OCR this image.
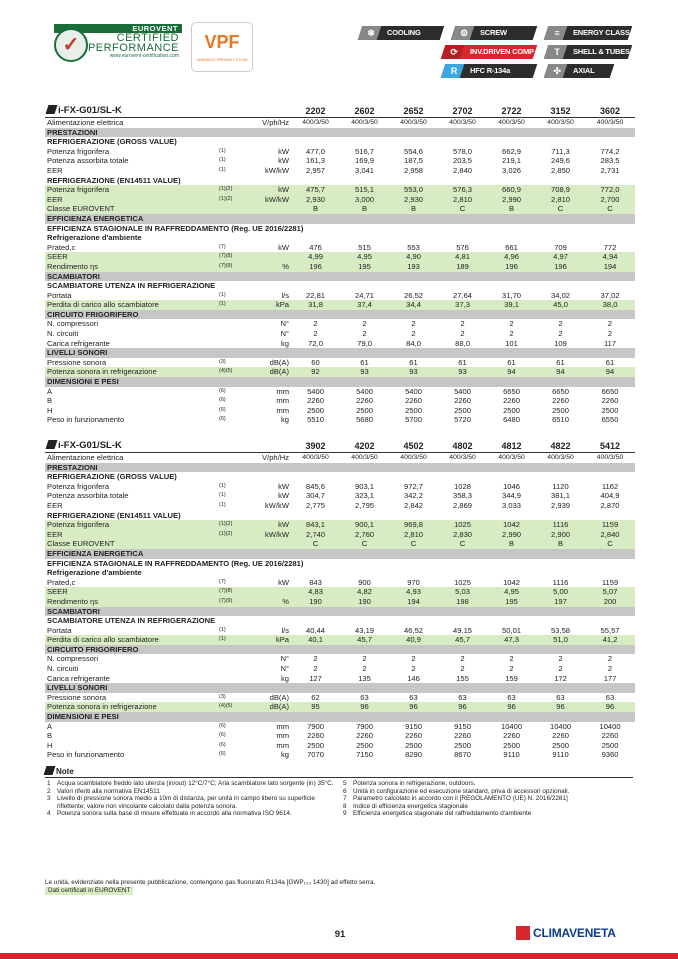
✓
EUROVENT
CERTIFIED
PERFORMANCE
www.eurovent-certification.com
VPF
VARIABLE PRIMARY FLOW
❄	COOLING	⚙	SCREW	≡	ENERGY CLASS
⟳	INV.DRIVEN COMP	T	SHELL & TUBES
R	HFC R-134a	✣	AXIAL
i-FX-G01/SL-K			2202	2602	2652	2702	2722	3152	3602
Alimentazione elettrica		V/ph/Hz	400/3/50	400/3/50	400/3/50	400/3/50	400/3/50	400/3/50	400/3/50
PRESTAZIONI									
REFRIGERAZIONE (GROSS VALUE)									
Potenza frigorifera	(1)	kW	477,0	516,7	554,6	578,0	662,9	711,3	774,2
Potenza assorbita totale	(1)	kW	161,3	169,9	187,5	203,5	219,1	249,6	283,5
EER	(1)	kW/kW	2,957	3,041	2,958	2,840	3,026	2,850	2,731
REFRIGERAZIONE (EN14511 VALUE)									
Potenza frigorifera	(1)(2)	kW	475,7	515,1	553,0	576,3	660,9	708,9	772,0
EER	(1)(2)	kW/kW	2,930	3,000	2,930	2,810	2,990	2,810	2,700
Classe EUROVENT			B	B	B	C	B	C	C
EFFICIENZA ENERGETICA									
EFFICIENZA STAGIONALE IN RAFFREDDAMENTO (Reg. UE 2016/2281)									
Refrigerazione d'ambiente									
Prated,c	(7)	kW	476	515	553	576	661	709	772
SEER	(7)(8)		4,99	4,95	4,90	4,81	4,96	4,97	4,94
Rendimento ηs	(7)(9)	%	196	195	193	189	196	196	194
SCAMBIATORI									
SCAMBIATORE UTENZA IN REFRIGERAZIONE									
Portata	(1)	l/s	22,81	24,71	26,52	27,64	31,70	34,02	37,02
Perdita di carico allo scambiatore	(1)	kPa	31,8	37,4	34,4	37,3	39,1	45,0	38,0
CIRCUITO FRIGORIFERO									
N. compressori		N°	2	2	2	2	2	2	2
N. circuiti		N°	2	2	2	2	2	2	2
Carica refrigerante		kg	72,0	79,0	84,0	88,0	101	109	117
LIVELLI SONORI									
Pressione sonora	(3)	dB(A)	60	61	61	61	61	61	61
Potenza sonora in refrigerazione	(4)(5)	dB(A)	92	93	93	93	94	94	94
DIMENSIONI E PESI									
A	(6)	mm	5400	5400	5400	5400	6650	6650	6650
B	(6)	mm	2260	2260	2260	2260	2260	2260	2260
H	(6)	mm	2500	2500	2500	2500	2500	2500	2500
Peso in funzionamento	(6)	kg	5510	5680	5700	5720	6480	6510	6550
i-FX-G01/SL-K			3902	4202	4502	4802	4812	4822	5412
Alimentazione elettrica		V/ph/Hz	400/3/50	400/3/50	400/3/50	400/3/50	400/3/50	400/3/50	400/3/50
PRESTAZIONI									
REFRIGERAZIONE (GROSS VALUE)									
Potenza frigorifera	(1)	kW	845,6	903,1	972,7	1028	1046	1120	1162
Potenza assorbita totale	(1)	kW	304,7	323,1	342,2	358,3	344,9	381,1	404,9
EER	(1)	kW/kW	2,775	2,795	2,842	2,869	3,033	2,939	2,870
REFRIGERAZIONE (EN14511 VALUE)									
Potenza frigorifera	(1)(2)	kW	843,1	900,1	969,8	1025	1042	1116	1159
EER	(1)(2)	kW/kW	2,740	2,760	2,810	2,830	2,990	2,900	2,840
Classe EUROVENT			C	C	C	C	B	B	C
EFFICIENZA ENERGETICA									
EFFICIENZA STAGIONALE IN RAFFREDDAMENTO (Reg. UE 2016/2281)									
Refrigerazione d'ambiente									
Prated,c	(7)	kW	843	900	970	1025	1042	1116	1159
SEER	(7)(8)		4,83	4,82	4,93	5,03	4,95	5,00	5,07
Rendimento ηs	(7)(9)	%	190	190	194	198	195	197	200
SCAMBIATORI									
SCAMBIATORE UTENZA IN REFRIGERAZIONE									
Portata	(1)	l/s	40,44	43,19	46,52	49,15	50,01	53,58	55,57
Perdita di carico allo scambiatore	(1)	kPa	40,1	45,7	40,9	45,7	47,3	51,0	41,2
CIRCUITO FRIGORIFERO									
N. compressori		N°	2	2	2	2	2	2	2
N. circuiti		N°	2	2	2	2	2	2	2
Carica refrigerante		kg	127	135	146	155	159	172	177
LIVELLI SONORI									
Pressione sonora	(3)	dB(A)	62	63	63	63	63	63	63
Potenza sonora in refrigerazione	(4)(5)	dB(A)	95	96	96	96	96	96	96
DIMENSIONI E PESI									
A	(6)	mm	7900	7900	9150	9150	10400	10400	10400
B	(6)	mm	2260	2260	2260	2260	2260	2260	2260
H	(6)	mm	2500	2500	2500	2500	2500	2500	2500
Peso in funzionamento	(6)	kg	7070	7150	8290	8670	9110	9110	9360
Note
1 Acqua scambiatore freddo lato utenza (in/out) 12°C/7°C; Aria scambiatore lato sorgente (in) 35°C.
2 Valori riferiti alla normativa EN14511
3 Livello di pressione sonora medio a 10m di distanza, per unità in campo libero su superficie riflettente; valore non vincolante calcolato dalla potenza sonora.
4 Potenza sonora sulla base di misure effettuate in accordo alla normativa ISO 9614.
5 Potenza sonora in refrigerazione, outdoors.
6 Unità in configurazione ed esecuzione standard, priva di accessori opzionali.
7 Parametro calcolato in accordo con il [REGOLAMENTO (UE) N. 2016/2281]
8 Indice di efficienza energetica stagionale
9 Efficienza energetica stagionale del raffreddamento d'ambiente
Le unità, evidenziate nella presente pubblicazione, contengono gas fluorurato R134a [GWP₁₀₀ 1430] ad effetto serra.
Dati certificati in EUROVENT
91	CLIMAVENETA
